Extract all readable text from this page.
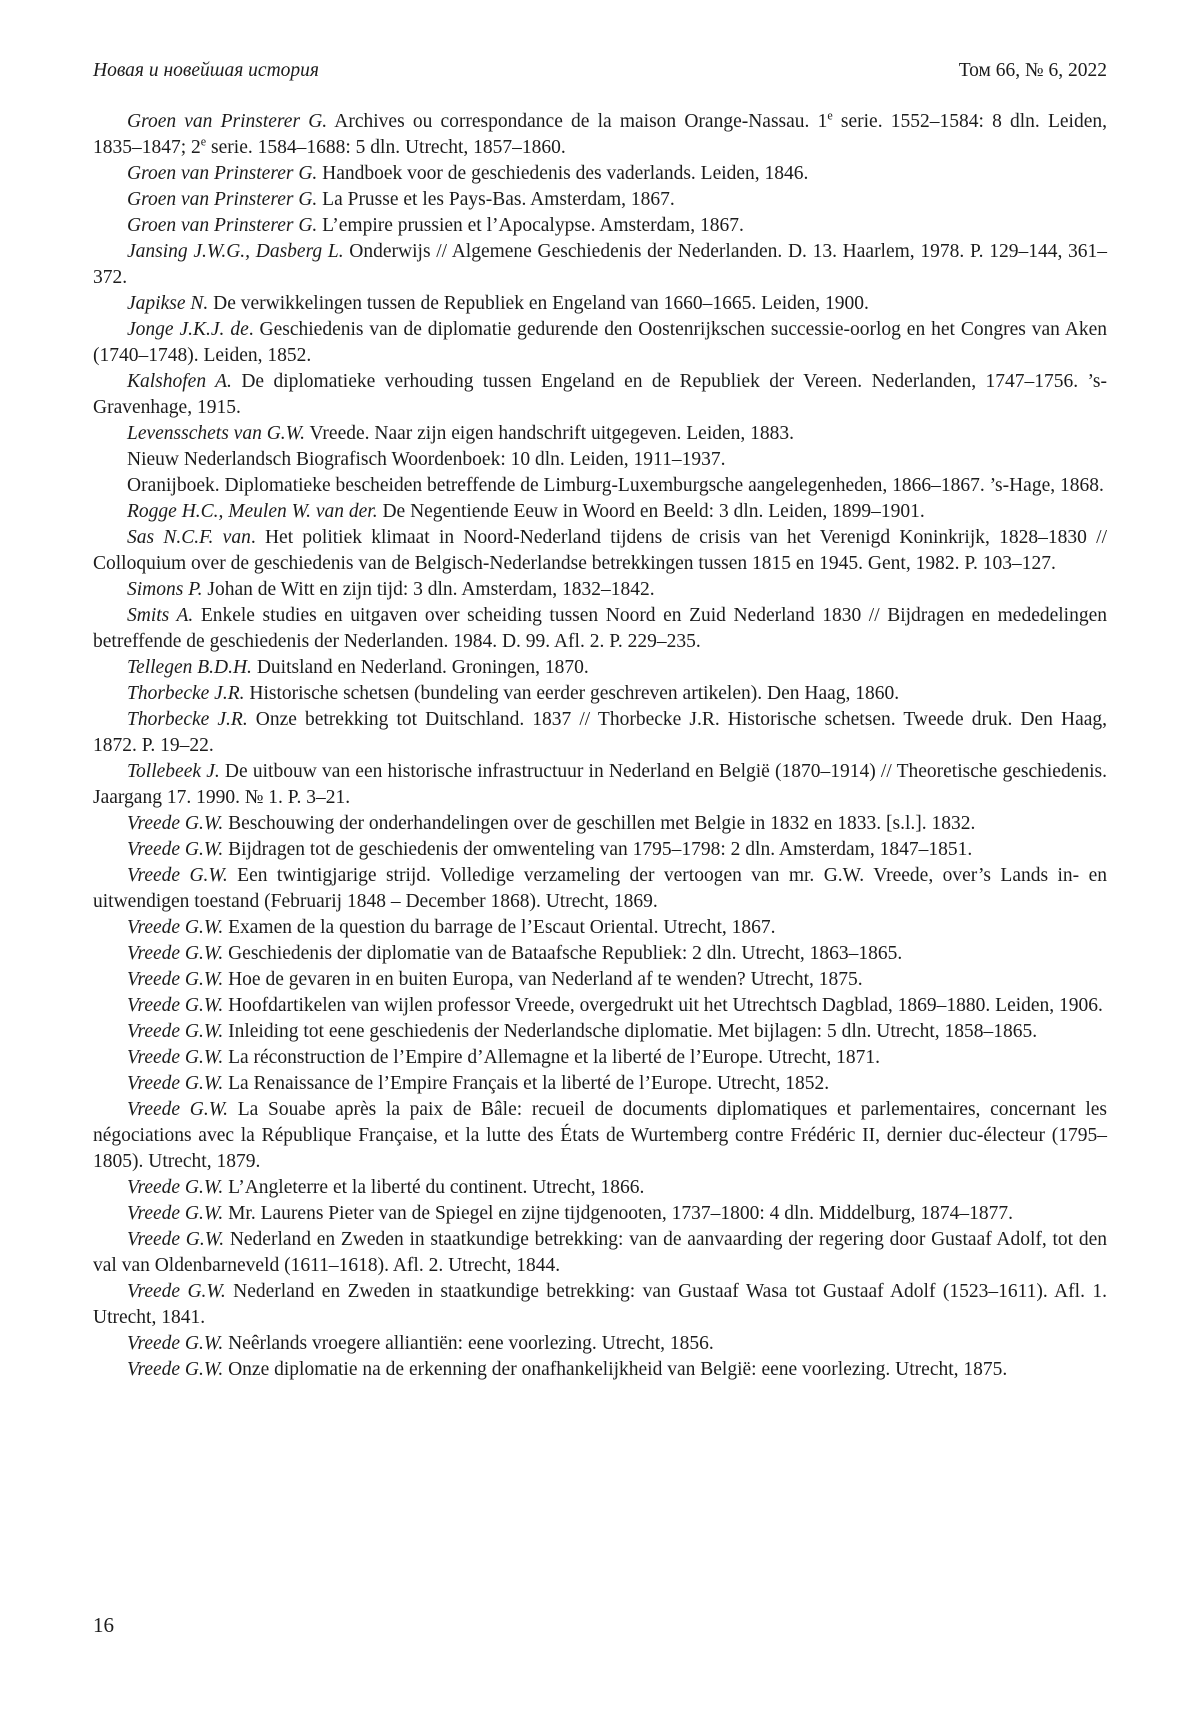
Новая и новейшая история	Том 66, № 6, 2022

Groen van Prinsterer G. Archives ou correspondance de la maison Orange-Nassau. 1e serie. 1552–1584: 8 dln. Leiden, 1835–1847; 2e serie. 1584–1688: 5 dln. Utrecht, 1857–1860.

Groen van Prinsterer G. Handboek voor de geschiedenis des vaderlands. Leiden, 1846.

Groen van Prinsterer G. La Prusse et les Pays-Bas. Amsterdam, 1867.

Groen van Prinsterer G. L’empire prussien et l’Apocalypse. Amsterdam, 1867.

Jansing J.W.G., Dasberg L. Onderwijs // Algemene Geschiedenis der Nederlanden. D. 13. Haarlem, 1978. P. 129–144, 361–372.

Japikse N. De verwikkelingen tussen de Republiek en Engeland van 1660–1665. Leiden, 1900.

Jonge J.K.J. de. Geschiedenis van de diplomatie gedurende den Oostenrijkschen successie-oorlog en het Congres van Aken (1740–1748). Leiden, 1852.

Kalshofen A. De diplomatieke verhouding tussen Engeland en de Republiek der Vereen. Nederlanden, 1747–1756. ’s-Gravenhage, 1915.

Levensschets van G.W. Vreede. Naar zijn eigen handschrift uitgegeven. Leiden, 1883.

Nieuw Nederlandsch Biografisch Woordenboek: 10 dln. Leiden, 1911–1937.

Oranijboek. Diplomatieke bescheiden betreffende de Limburg-Luxemburgsche aangelegenheden, 1866–1867. ’s-Hage, 1868.

Rogge H.C., Meulen W. van der. De Negentiende Eeuw in Woord en Beeld: 3 dln. Leiden, 1899–1901.

Sas N.C.F. van. Het politiek klimaat in Noord-Nederland tijdens de crisis van het Verenigd Koninkrijk, 1828–1830 // Colloquium over de geschiedenis van de Belgisch-Nederlandse betrekkingen tussen 1815 en 1945. Gent, 1982. P. 103–127.

Simons P. Johan de Witt en zijn tijd: 3 dln. Amsterdam, 1832–1842.

Smits A. Enkele studies en uitgaven over scheiding tussen Noord en Zuid Nederland 1830 // Bijdragen en mededelingen betreffende de geschiedenis der Nederlanden. 1984. D. 99. Afl. 2. P. 229–235.

Tellegen B.D.H. Duitsland en Nederland. Groningen, 1870.

Thorbecke J.R. Historische schetsen (bundeling van eerder geschreven artikelen). Den Haag, 1860.

Thorbecke J.R. Onze betrekking tot Duitschland. 1837 // Thorbecke J.R. Historische schetsen. Tweede druk. Den Haag, 1872. P. 19–22.

Tollebeek J. De uitbouw van een historische infrastructuur in Nederland en België (1870–1914) // Theoretische geschiedenis. Jaargang 17. 1990. № 1. P. 3–21.

Vreede G.W. Beschouwing der onderhandelingen over de geschillen met Belgie in 1832 en 1833. [s.l.]. 1832.

Vreede G.W. Bijdragen tot de geschiedenis der omwenteling van 1795–1798: 2 dln. Amsterdam, 1847–1851.

Vreede G.W. Een twintigjarige strijd. Volledige verzameling der vertoogen van mr. G.W. Vreede, over’s Lands in- en uitwendigen toestand (Februarij 1848 – December 1868). Utrecht, 1869.

Vreede G.W. Examen de la question du barrage de l’Escaut Oriental. Utrecht, 1867.

Vreede G.W. Geschiedenis der diplomatie van de Bataafsche Republiek: 2 dln. Utrecht, 1863–1865.

Vreede G.W. Hoe de gevaren in en buiten Europa, van Nederland af te wenden? Utrecht, 1875.

Vreede G.W. Hoofdartikelen van wijlen professor Vreede, overgedrukt uit het Utrechtsch Dagblad, 1869–1880. Leiden, 1906.

Vreede G.W. Inleiding tot eene geschiedenis der Nederlandsche diplomatie. Met bijlagen: 5 dln. Utrecht, 1858–1865.

Vreede G.W. La réconstruction de l’Empire d’Allemagne et la liberté de l’Europe. Utrecht, 1871.

Vreede G.W. La Renaissance de l’Empire Français et la liberté de l’Europe. Utrecht, 1852.

Vreede G.W. La Souabe après la paix de Bâle: recueil de documents diplomatiques et parlementaires, concernant les négociations avec la République Française, et la lutte des États de Wurtemberg contre Frédéric II, dernier duc-électeur (1795–1805). Utrecht, 1879.

Vreede G.W. L’Angleterre et la liberté du continent. Utrecht, 1866.

Vreede G.W. Mr. Laurens Pieter van de Spiegel en zijne tijdgenooten, 1737–1800: 4 dln. Middelburg, 1874–1877.

Vreede G.W. Nederland en Zweden in staatkundige betrekking: van de aanvaarding der regering door Gustaaf Adolf, tot den val van Oldenbarneveld (1611–1618). Afl. 2. Utrecht, 1844.

Vreede G.W. Nederland en Zweden in staatkundige betrekking: van Gustaaf Wasa tot Gustaaf Adolf (1523–1611). Afl. 1. Utrecht, 1841.

Vreede G.W. Neêrlands vroegere alliantiën: eene voorlezing. Utrecht, 1856.

Vreede G.W. Onze diplomatie na de erkenning der onafhankelijkheid van België: eene voorlezing. Utrecht, 1875.

16
